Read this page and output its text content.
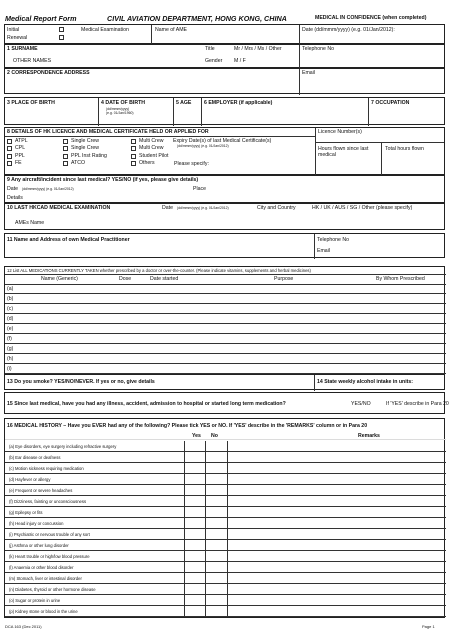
Medical Report Form	CIVIL AVIATION DEPARTMENT, HONG KONG, CHINA	MEDICAL IN CONFIDENCE (when completed)
Initial
Renewal
Medical Examination	Name of AME	Date (dd/mmm/yyyy) (e.g. 01/Jan/2012):
1 SURNAME	Title	Mr / Mrs / Ms / Other	Telephone No
OTHER NAMES	Gender M / F
2 CORRESPONDENCE ADDRESS	Email
3 PLACE OF BIRTH	4 DATE OF BIRTH
(dd/mmm/yyyy)
(e.g. 01/Jan/1960)
5 AGE 6 EMPLOYER (if applicable)	7 OCCUPATION
8 DETAILS OF HK LICENCE AND MEDICAL CERTIFICATE HELD OR APPLIED FOR	Licence Number(s)
ATPL	Single Crew	Multi Crew
CPL	Single Crew	Multi Crew
PPL	PPL Inst Rating	Student Pilot
FE	ATCO	Others	Please specify:
Expiry Date(s) of last Medical Certificate(s)
(dd/mmm/yyyy) (e.g. 01/Jan/2012)	Hours flown since last medical
Total hours flown
9 Any aircraft/incident since last medical? YES/NO (if yes, please give details)
Date (dd/mmm/yyyy) (e.g. 01/Jan/2012)	Place
Details
10 LAST HKCAD MEDICAL EXAMINATION	Date (dd/mmm/yyyy) (e.g. 01/Jan/2012)	City and Country	HK / UK / AUS / SG / Other (please specify)
AMEs Name
11 Name and Address of own Medical Practitioner	Telephone No
Email
12 List ALL MEDICATIONS CURRENTLY TAKEN whether prescribed by a doctor or over-the-counter. (Please indicate vitamins, supplements and herbal medicines)
Name (Generic)	Dose	Date started	Purpose	By Whom Prescribed
(a)
(b)
(c)
(d)
(e)
(f)
(g)
(h)
(i)
13 Do you smoke? YES/NO/NEVER. If yes or no, give details	14 State weekly alcohol intake in units:
15 Since last medical, have you had any illness, accident, admission to hospital or started long term medication?	YES/NO	If 'YES' describe in Para 20
16 MEDICAL HISTORY – Have you EVER had any of the following? Please tick YES or NO. If 'YES' describe in the 'REMARKS' column or in Para 20
Yes No	Remarks
(a) Eye disorders, eye surgery including refractive surgery
(b) Ear disease or deafness
(c) Motion sickness requiring medication
(d) Hayfever or allergy
(e) Frequent or severe headaches
(f) Dizziness, fainting or unconsciousness
(g) Epilepsy or fits
(h) Head injury or concussion
(i) Psychiatric or nervous trouble of any sort
(j) Asthma or other lung disorder
(k) Heart trouble or high/low blood pressure
(l) Anaemia or other blood disorder
(m) Stomach, liver or intestinal disorder
(n) Diabetes, thyroid or other hormone disease
(o) Sugar or protein in urine
(p) Kidney stone or blood in the urine
DCA 163 (Dec 2011)	Page 1
